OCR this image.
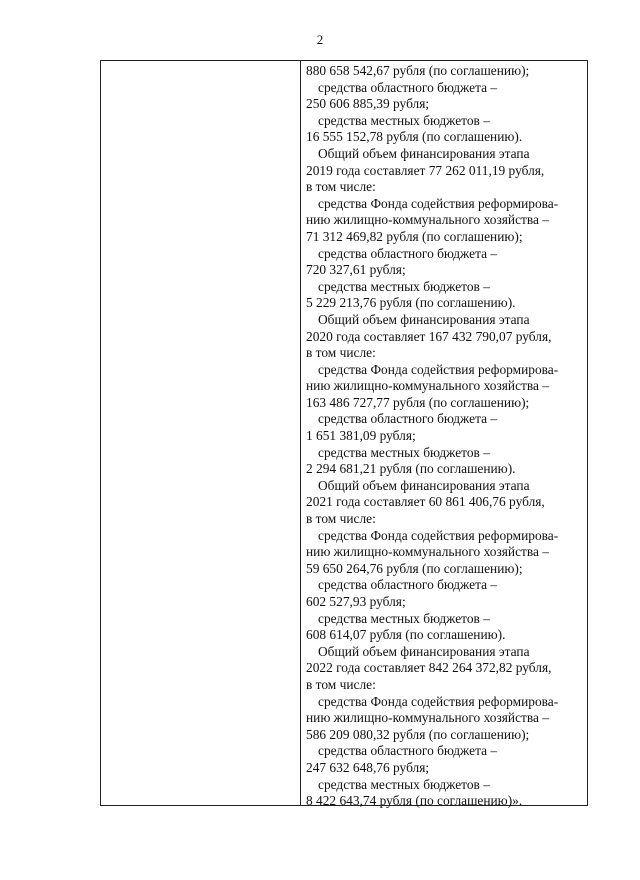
2
880 658 542,67 рубля (по соглашению);
средства областного бюджета –
250 606 885,39 рубля;
средства местных бюджетов –
16 555 152,78 рубля (по соглашению).
Общий объем финансирования этапа
2019 года составляет 77 262 011,19 рубля,
в том числе:
средства Фонда содействия реформирова-
нию жилищно-коммунального хозяйства –
71 312 469,82 рубля (по соглашению);
средства областного бюджета –
720 327,61 рубля;
средства местных бюджетов –
5 229 213,76 рубля (по соглашению).
Общий объем финансирования этапа
2020 года составляет 167 432 790,07 рубля,
в том числе:
средства Фонда содействия реформирова-
нию жилищно-коммунального хозяйства –
163 486 727,77 рубля (по соглашению);
средства областного бюджета –
1 651 381,09 рубля;
средства местных бюджетов –
2 294 681,21 рубля (по соглашению).
Общий объем финансирования этапа
2021 года составляет 60 861 406,76 рубля,
в том числе:
средства Фонда содействия реформирова-
нию жилищно-коммунального хозяйства –
59 650 264,76 рубля (по соглашению);
средства областного бюджета –
602 527,93 рубля;
средства местных бюджетов –
608 614,07 рубля (по соглашению).
Общий объем финансирования этапа
2022 года составляет 842 264 372,82 рубля,
в том числе:
средства Фонда содействия реформирова-
нию жилищно-коммунального хозяйства –
586 209 080,32 рубля (по соглашению);
средства областного бюджета –
247 632 648,76 рубля;
средства местных бюджетов –
8 422 643,74 рубля (по соглашению)».
